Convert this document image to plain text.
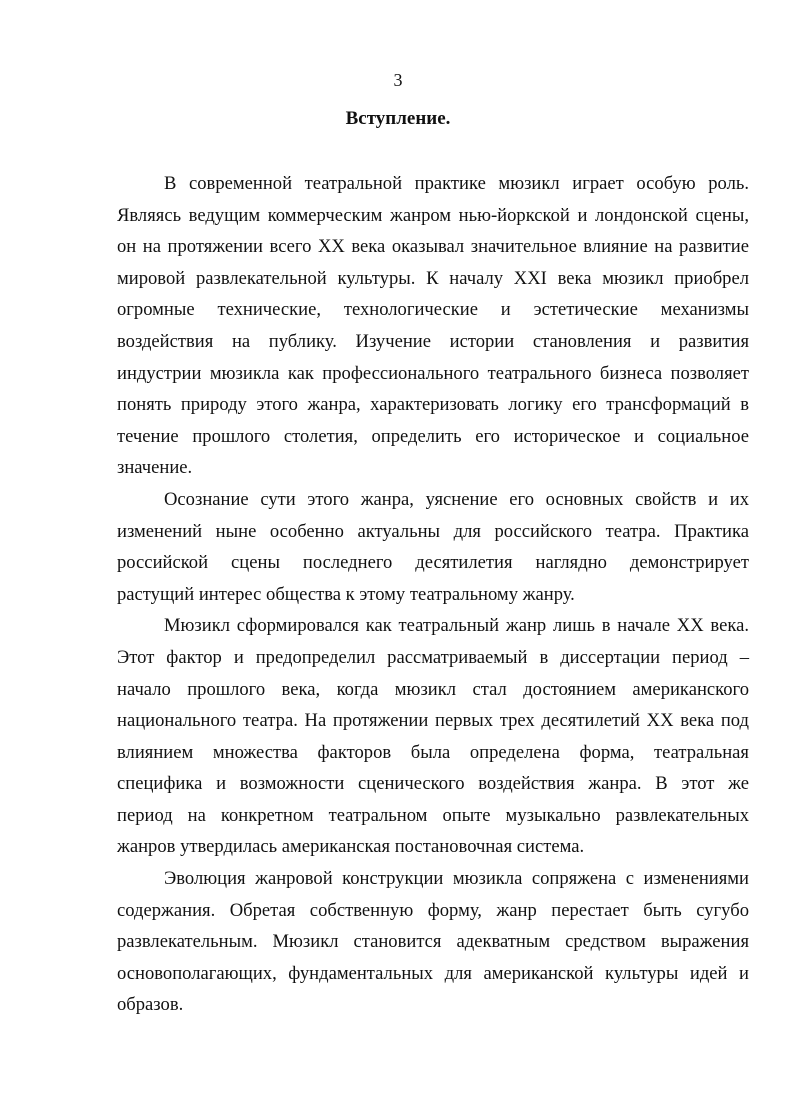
3
Вступление.
В современной театральной практике мюзикл играет особую роль.
Являясь ведущим коммерческим жанром нью-йоркской и лондонской сцены,
он на протяжении всего XX века оказывал значительное влияние на развитие
мировой развлекательной культуры. К началу XXI века мюзикл приобрел
огромные технические, технологические и эстетические механизмы
воздействия на публику. Изучение истории становления и развития
индустрии мюзикла как профессионального театрального бизнеса позволяет
понять природу этого жанра, характеризовать логику его трансформаций в
течение прошлого столетия, определить его историческое и социальное
значение.
Осознание сути этого жанра, уяснение его основных свойств и их
изменений ныне особенно актуальны для российского театра. Практика
российской сцены последнего десятилетия наглядно демонстрирует
растущий интерес общества к этому театральному жанру.
Мюзикл сформировался как театральный жанр лишь в начале XX века.
Этот фактор и предопределил рассматриваемый в диссертации период –
начало прошлого века, когда мюзикл стал достоянием американского
национального театра. На протяжении первых трех десятилетий XX века под
влиянием множества факторов была определена форма, театральная
специфика и возможности сценического воздействия жанра. В этот же
период на конкретном театральном опыте музыкально развлекательных
жанров утвердилась американская постановочная система.
Эволюция жанровой конструкции мюзикла сопряжена с изменениями
содержания. Обретая собственную форму, жанр перестает быть сугубо
развлекательным. Мюзикл становится адекватным средством выражения
основополагающих, фундаментальных для американской культуры идей и
образов.
